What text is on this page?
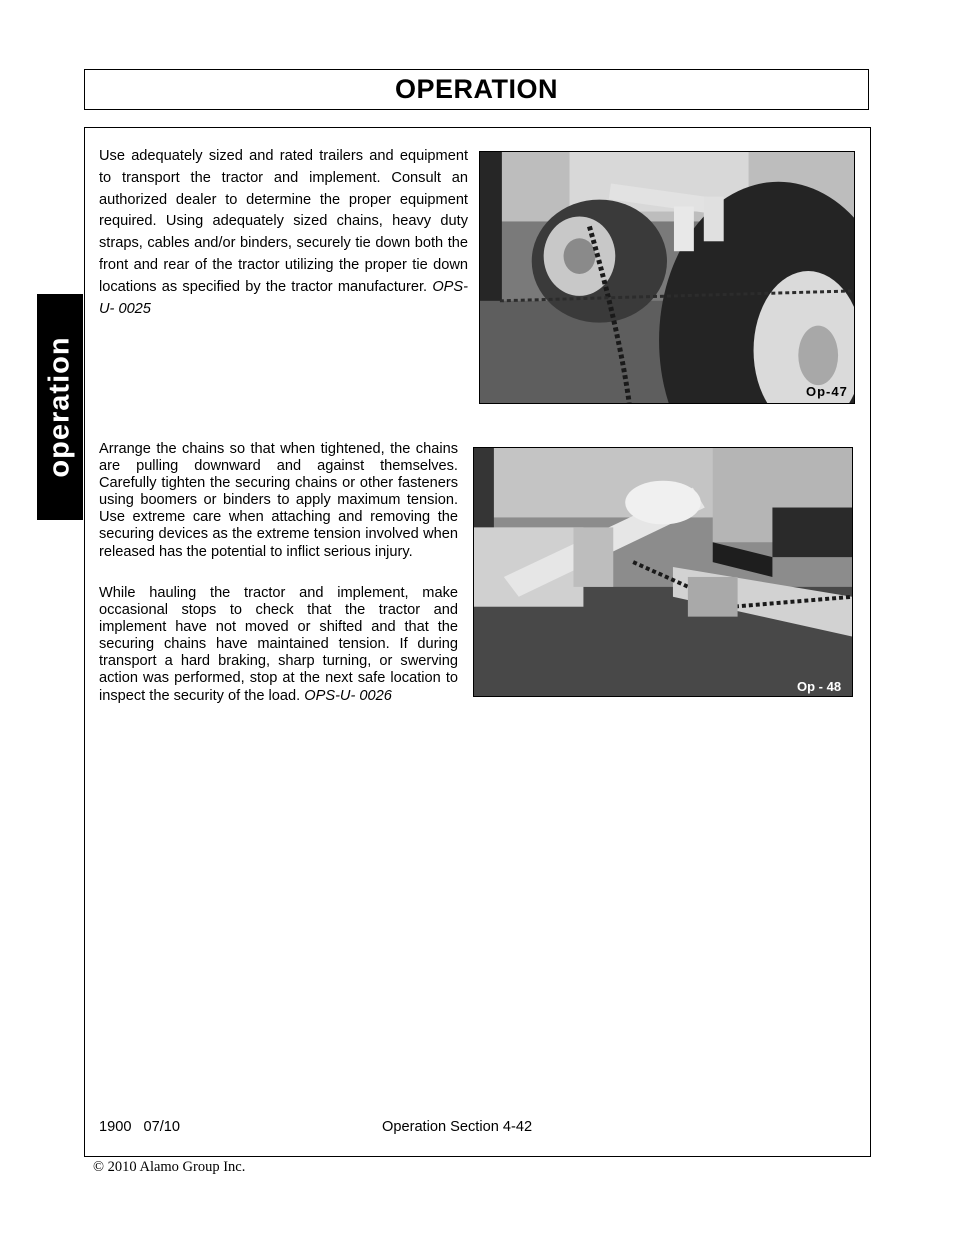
OPERATION
operation

Use adequately sized and rated trailers and equipment to transport the tractor and implement. Consult an authorized dealer to determine the proper equipment required. Using adequately sized chains, heavy duty straps, cables and/or binders, securely tie down both the front and rear of the tractor utilizing the proper tie down locations as specified by the tractor manufacturer. OPS-U- 0025

Op-47

Arrange the chains so that when tightened, the chains are pulling downward and against themselves. Carefully tighten the securing chains or other fasteners using boomers or binders to apply maximum tension. Use extreme care when attaching and removing the securing devices as the extreme tension involved when released has the potential to inflict serious injury.

While hauling the tractor and implement, make occasional stops to check that the tractor and implement have not moved or shifted and that the securing chains have maintained tension. If during transport a hard braking, sharp turning, or swerving action was performed, stop at the next safe location to inspect the security of the load. OPS-U- 0026

Op - 48
1900 07/10	Operation Section 4-42
© 2010 Alamo Group Inc.
